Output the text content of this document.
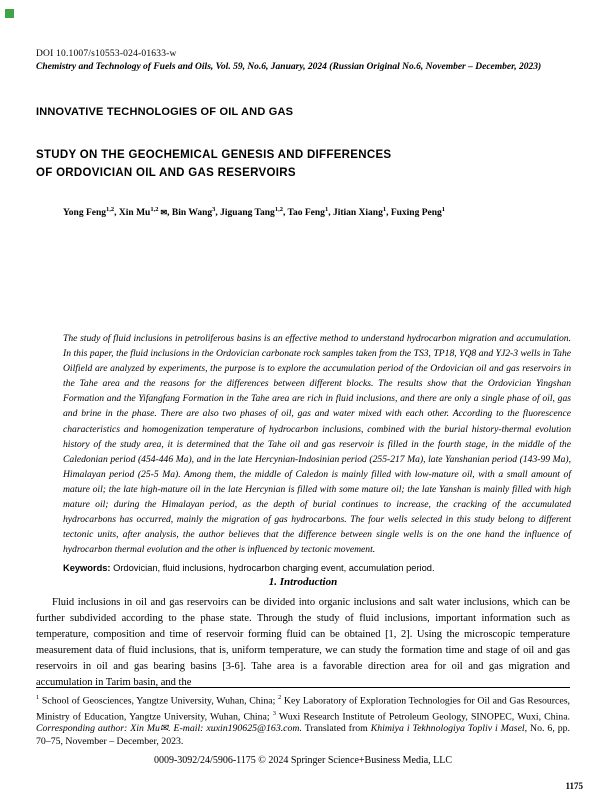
DOI 10.1007/s10553-024-01633-w
Chemistry and Technology of Fuels and Oils, Vol. 59, No.6, January, 2024 (Russian Original No.6, November – December, 2023)
INNOVATIVE TECHNOLOGIES OF OIL AND GAS
STUDY ON THE GEOCHEMICAL GENESIS AND DIFFERENCES
OF ORDOVICIAN OIL AND GAS RESERVOIRS
Yong Feng$^{1,2}$, Xin Mu$^{1,2}$ ✉, Bin Wang$^3$, Jiguang Tang$^{1,2}$, Tao Feng$^1$, Jitian Xiang$^1$, Fuxing Peng$^1$

The study of fluid inclusions in petroliferous basins is an effective method to understand hydrocarbon migration and accumulation. In this paper, the fluid inclusions in the Ordovician carbonate rock samples taken from the TS3, TP18, YQ8 and YJ2-3 wells in Tahe Oilfield are analyzed by experiments, the purpose is to explore the accumulation period of the Ordovician oil and gas reservoirs in the Tahe area and the reasons for the differences between different blocks. The results show that the Ordovician Yingshan Formation and the Yifangfang Formation in the Tahe area are rich in fluid inclusions, and there are only a single phase of oil, gas and brine in the phase. There are also two phases of oil, gas and water mixed with each other. According to the fluorescence characteristics and homogenization temperature of hydrocarbon inclusions, combined with the burial history-thermal evolution history of the study area, it is determined that the Tahe oil and gas reservoir is filled in the fourth stage, in the middle of the Caledonian period (454-446 Ma), and in the late Hercynian-Indosinian period (255-217 Ma), late Yanshanian period (143-99 Ma), Himalayan period (25-5 Ma). Among them, the middle of Caledon is mainly filled with low-mature oil, with a small amount of mature oil; the late high-mature oil in the late Hercynian is filled with some mature oil; the late Yanshan is mainly filled with high mature oil; during the Himalayan period, as the depth of burial continues to increase, the cracking of the accumulated hydrocarbons has occurred, mainly the migration of gas hydrocarbons. The four wells selected in this study belong to different tectonic units, after analysis, the author believes that the difference between single wells is on the one hand the influence of hydrocarbon thermal evolution and the other is influenced by tectonic movement.

Keywords: Ordovician, fluid inclusions, hydrocarbon charging event, accumulation period.

1. Introduction

Fluid inclusions in oil and gas reservoirs can be divided into organic inclusions and salt water inclusions, which can be further subdivided according to the phase state. Through the study of fluid inclusions, important information such as temperature, composition and time of reservoir forming fluid can be obtained [1, 2]. Using the microscopic temperature measurement data of fluid inclusions, that is, uniform temperature, we can study the formation time and stage of oil and gas reservoirs in oil and gas bearing basins [3-6]. Tahe area is a favorable direction area for oil and gas migration and accumulation in Tarim basin, and the

$^1$ School of Geosciences, Yangtze University, Wuhan, China; $^2$ Key Laboratory of Exploration Technologies for Oil and Gas Resources, Ministry of Education, Yangtze University, Wuhan, China; $^3$ Wuxi Research Institute of Petroleum Geology, SINOPEC, Wuxi, China. Corresponding author: Xin Mu✉. E-mail: xuxin190625@163.com. Translated from Khimiya i Tekhnologiya Topliv i Masel, No. 6, pp. 70–75, November – December, 2023.
0009-3092/24/5906-1175 © 2024 Springer Science+Business Media, LLC
1175
